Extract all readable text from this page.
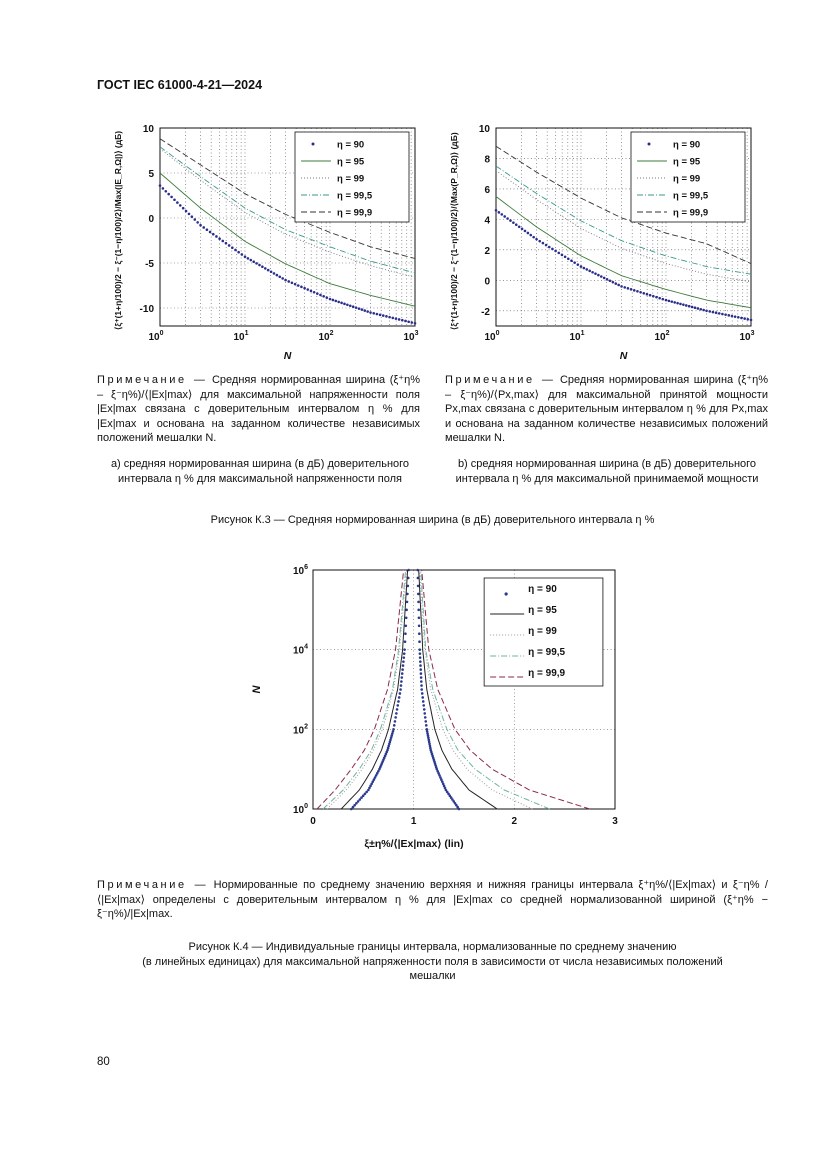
ГОСТ IEC 61000-4-21—2024
10
5
0
-5
-10
$10^0$	$10^1$	$10^2$	$10^3$
η = 90
η = 95
η = 99
η = 99,5
η = 99,9
N
⟨ξ⁺(1+η/100)/2 − ξ⁻(1−η/100)/2⟩/Max(|E_R,Ω|)⟩ (дБ)
10
8
6
4
2
0
-2
$10^0$	$10^1$	$10^2$	$10^3$
η = 90
η = 95
η = 99
η = 99,5
η = 99,9
N
⟨ξ⁺(1+η/100)/2 − ξ⁻(1−η/100)/2⟩/⟨Max(P_R,Ω)⟩ (дБ)
Примечание — Средняя нормированная ширина (ξ⁺η% – ξ⁻η%)/⟨|Ex|max⟩ для максимальной напряженности поля |Ex|max связана с доверительным интервалом η % для |Ex|max и основана на заданном количестве независимых положений мешалки N.
Примечание — Средняя нормированная ширина (ξ⁺η% – ξ⁻η%)/⟨Px,max⟩ для максимальной принятой мощности Px,max связана с доверительным интервалом η % для Px,max и основана на заданном количестве независимых положений мешалки N.
a) средняя нормированная ширина (в дБ) доверительного интервала η % для максимальной напряженности поля
b) средняя нормированная ширина (в дБ) доверительного интервала η % для максимальной принимаемой мощности
Рисунок К.3 — Средняя нормированная ширина (в дБ) доверительного интервала η %
$10^6$
$10^4$
$10^2$
$10^0$
0	1	2	3
η = 90
η = 95
η = 99
η = 99,5
η = 99,9
N
ξ±η%/⟨|Ex|max⟩ (lin)
Примечание — Нормированные по среднему значению верхняя и нижняя границы интервала ξ⁺η%/⟨|Ex|max⟩ и ξ⁻η% /⟨|Ex|max⟩ определены с доверительным интервалом η % для |Ex|max со средней нормализованной шириной (ξ⁺η% − ξ⁻η%)/|Ex|max.
Рисунок К.4 — Индивидуальные границы интервала, нормализованные по среднему значению
(в линейных единицах) для максимальной напряженности поля в зависимости от числа независимых положений
мешалки
80
